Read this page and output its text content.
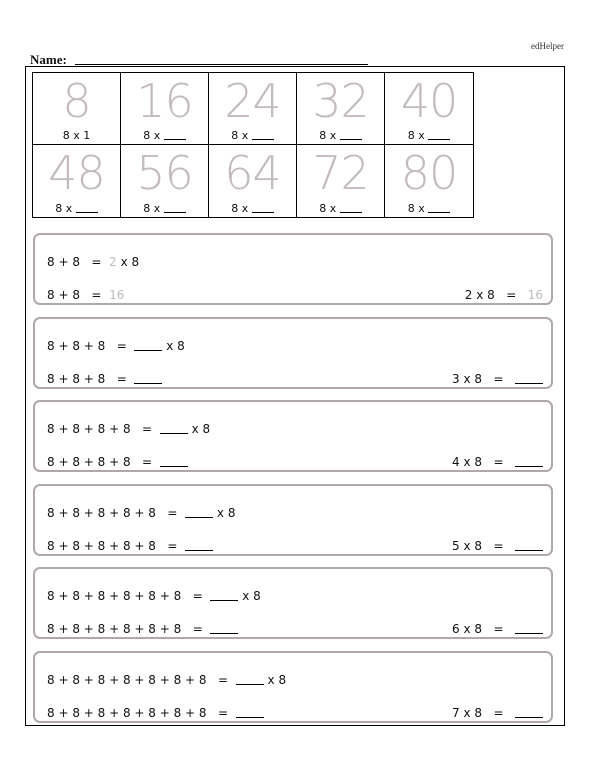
edHelper
Name:
8
8 x 1
16
8 x
24
8 x
32
8 x
40
8 x
48
8 x
56
8 x
64
8 x
72
8 x
80
8 x
8 + 8 = 2 x 8
8 + 8 = 16	2 x 8 = 16
8 + 8 + 8 =	x 8
8 + 8 + 8 =	3 x 8 =
8 + 8 + 8 + 8 =	x 8
8 + 8 + 8 + 8 =	4 x 8 =
8 + 8 + 8 + 8 + 8 =	x 8
8 + 8 + 8 + 8 + 8 =	5 x 8 =
8 + 8 + 8 + 8 + 8 + 8 =	x 8
8 + 8 + 8 + 8 + 8 + 8 =	6 x 8 =
8 + 8 + 8 + 8 + 8 + 8 + 8 =	x 8
8 + 8 + 8 + 8 + 8 + 8 + 8 =	7 x 8 =
